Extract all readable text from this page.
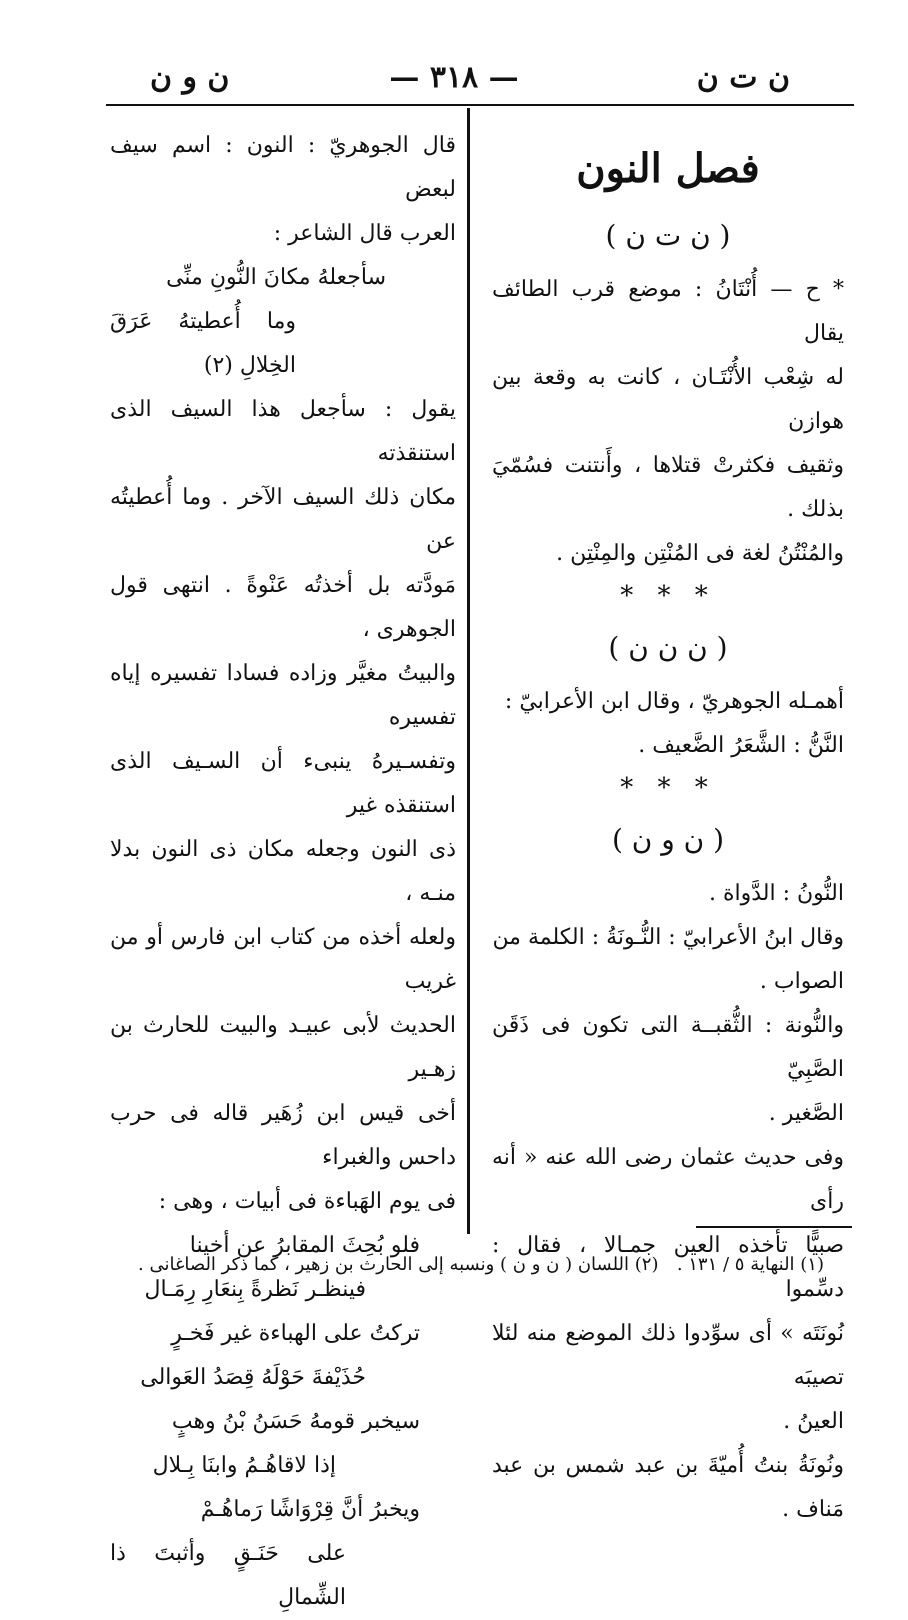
ن ت ن
— ٣١٨ —
ن و ن
فصل النون
( ن ت ن )

* ح — أُنْتَانُ : موضع قرب الطائف يقال

له شِعْب الأُنْتَـان ، كانت به وقعة بين هوازن

وثقيف فكثرتْ قتلاها ، وأَنتنت فسُمّيَ بذلك .

والمُنْتُنُ لغة فى المُنْتِن والمِنْتِن .

* * *
( ن ن ن )

أهمـله الجوهريّ ، وقال ابن الأعرابيّ :

النَّنُّ : الشَّعَرُ الضَّعيف .

* * *
( ن و ن )

النُّونُ : الدَّواة .

وقال ابنُ الأعرابيّ : النُّـونَةُ : الكلمة من

الصواب .

والنُّونة : الثُّقبــة التى تكون فى ذَقَن الصَّبِيّ

الصَّغير .

وفى حديث عثمان رضى الله عنه « أنه رأى

صبيًّا تأخذه العين جمـالا ، فقال : دسِّموا

نُونَتَه » أى سوِّدوا ذلك الموضع منه لئلا تصيبَه

العينُ .

ونُونَةُ بنتُ أُميّةَ بن عبد شمس بن عبد مَناف .

قال الجوهريّ : النون : اسم سيف لبعض

العرب قال الشاعر :

سأجعلهُ مكانَ النُّونِ منِّى

وما أُعطيتهُ عَرَقَ الخِلالِ (٢)

يقول : سأجعل هذا السيف الذى استنقذته

مكان ذلك السيف الآخر . وما أُعطيتُه عن

مَودَّته بل أخذتُه عَنْوةً . انتهى قول الجوهرى ،

والبيتُ مغيَّر وزاده فسادا تفسيره إياه تفسيره

وتفسـيرهُ ينبىء أن السـيف الذى استنقذه غير

ذى النون وجعله مكان ذى النون بدلا منـه ،

ولعله أخذه من كتاب ابن فارس أو من غريب

الحديث لأبى عبيـد والبيت للحارث بن زهـير

أخى قيس ابن زُهَير قاله فى حرب داحس والغبراء

فى يوم الهَباءة فى أبيات ، وهى :

فلو بُحِثَ المقابرُ عن أخينا

فينظـر نَظرةً بِنعَارِ رِمَـال

تركتُ على الهباءة غير فَخـرٍ

حُذَيْفةَ حَوْلَهُ قِصَدُ العَوالى

سيخبر قومهُ حَسَنُ بْنُ وهبٍ

إذا لاقاهُـمُ وابنَا بِـلال

ويخبرُ أنَّ قِرْوَاشًا رَماهُـمْ

على حَنَـقٍ وأثبتَ ذا الشِّمالِ

(١) النهاية ٥ / ١٣١ .
(٢) اللسان ( ن و ن ) ونسبه إلى الحارث بن زهير ، كما ذكر الصاغانى .
